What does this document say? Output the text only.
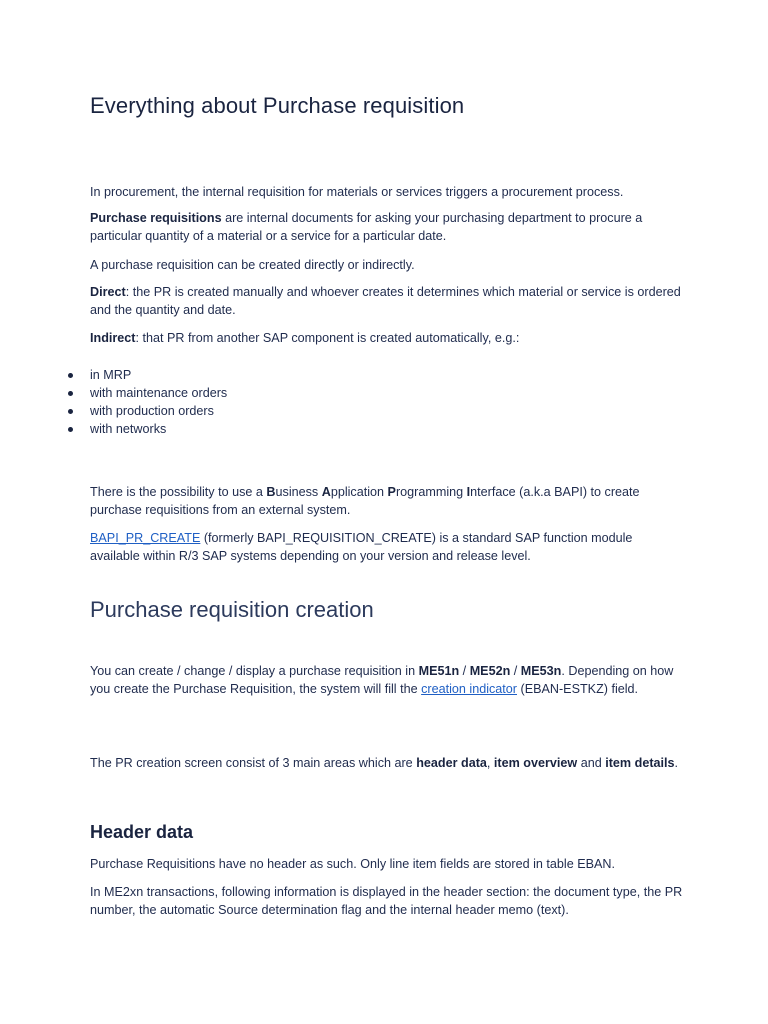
Everything about Purchase requisition

In procurement, the internal requisition for materials or services triggers a procurement process.

Purchase requisitions are internal documents for asking your purchasing department to procure a particular quantity of a material or a service for a particular date.

A purchase requisition can be created directly or indirectly.

Direct: the PR is created manually and whoever creates it determines which material or service is ordered and the quantity and date.

Indirect: that PR from another SAP component is created automatically, e.g.:

in MRP
with maintenance orders
with production orders
with networks

There is the possibility to use a Business Application Programming Interface (a.k.a BAPI) to create purchase requisitions from an external system.

BAPI_PR_CREATE (formerly BAPI_REQUISITION_CREATE) is a standard SAP function module available within R/3 SAP systems depending on your version and release level.

Purchase requisition creation

You can create / change / display a purchase requisition in ME51n / ME52n / ME53n. Depending on how you create the Purchase Requisition, the system will fill the creation indicator (EBAN-ESTKZ) field.

The PR creation screen consist of 3 main areas which are header data, item overview and item details.

Header data

Purchase Requisitions have no header as such. Only line item fields are stored in table EBAN.

In ME2xn transactions, following information is displayed in the header section: the document type, the PR number, the automatic Source determination flag and the internal header memo (text).
